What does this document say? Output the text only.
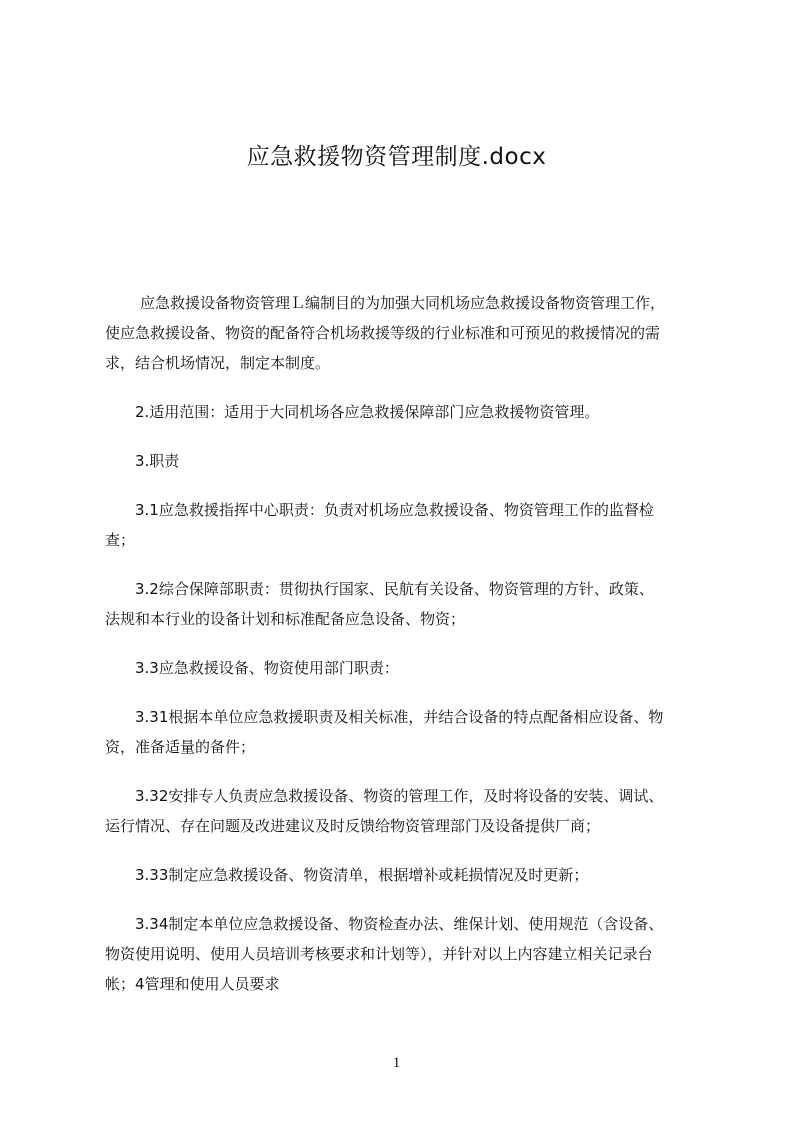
应急救援物资管理制度.docx

应急救援设备物资管理Ｌ编制目的为加强大同机场应急救援设备物资管理工作，
使应急救援设备、物资的配备符合机场救援等级的行业标准和可预见的救援情况的需
求，结合机场情况，制定本制度。

2.适用范围：适用于大同机场各应急救援保障部门应急救援物资管理。

3.职责

3.1应急救援指挥中心职责：负责对机场应急救援设备、物资管理工作的监督检
查；

3.2综合保障部职责：贯彻执行国家、民航有关设备、物资管理的方针、政策、
法规和本行业的设备计划和标准配备应急设备、物资；

3.3应急救援设备、物资使用部门职责：

3.31根据本单位应急救援职责及相关标准，并结合设备的特点配备相应设备、物
资，准备适量的备件；

3.32安排专人负责应急救援设备、物资的管理工作，及时将设备的安装、调试、
运行情况、存在问题及改进建议及时反馈给物资管理部门及设备提供厂商；

3.33制定应急救援设备、物资清单，根据增补或耗损情况及时更新；

3.34制定本单位应急救援设备、物资检查办法、维保计划、使用规范（含设备、
物资使用说明、使用人员培训考核要求和计划等），并针对以上内容建立相关记录台
帐；4管理和使用人员要求

1
